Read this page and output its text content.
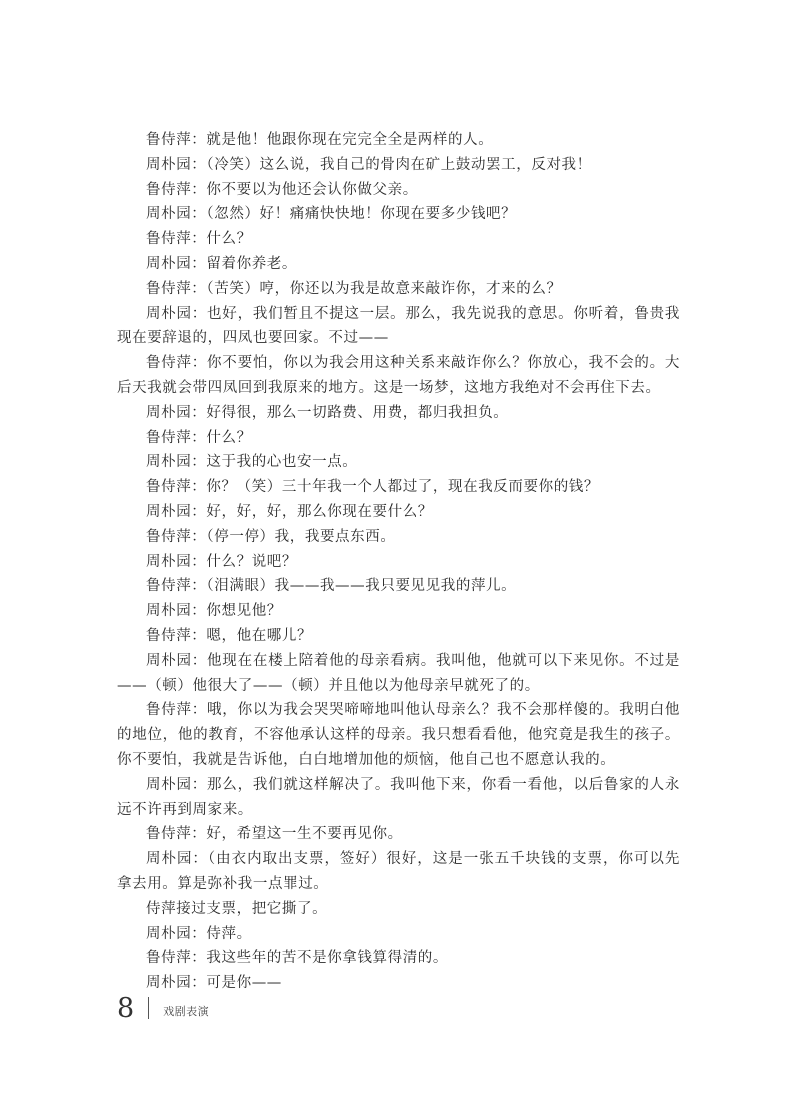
鲁侍萍：就是他！他跟你现在完完全全是两样的人。

周朴园：（冷笑）这么说，我自己的骨肉在矿上鼓动罢工，反对我！

鲁侍萍：你不要以为他还会认你做父亲。

周朴园：（忽然）好！痛痛快快地！你现在要多少钱吧？

鲁侍萍：什么？

周朴园：留着你养老。

鲁侍萍：（苦笑）哼，你还以为我是故意来敲诈你，才来的么？

周朴园：也好，我们暂且不提这一层。那么，我先说我的意思。你听着，鲁贵我现在要辞退的，四凤也要回家。不过——

鲁侍萍：你不要怕，你以为我会用这种关系来敲诈你么？你放心，我不会的。大后天我就会带四凤回到我原来的地方。这是一场梦，这地方我绝对不会再住下去。

周朴园：好得很，那么一切路费、用费，都归我担负。

鲁侍萍：什么？

周朴园：这于我的心也安一点。

鲁侍萍：你？（笑）三十年我一个人都过了，现在我反而要你的钱？

周朴园：好，好，好，那么你现在要什么？

鲁侍萍：（停一停）我，我要点东西。

周朴园：什么？说吧？

鲁侍萍：（泪满眼）我——我——我只要见见我的萍儿。

周朴园：你想见他？

鲁侍萍：嗯，他在哪儿？

周朴园：他现在在楼上陪着他的母亲看病。我叫他，他就可以下来见你。不过是——（顿）他很大了——（顿）并且他以为他母亲早就死了的。

鲁侍萍：哦，你以为我会哭哭啼啼地叫他认母亲么？我不会那样傻的。我明白他的地位，他的教育，不容他承认这样的母亲。我只想看看他，他究竟是我生的孩子。你不要怕，我就是告诉他，白白地增加他的烦恼，他自己也不愿意认我的。

周朴园：那么，我们就这样解决了。我叫他下来，你看一看他，以后鲁家的人永远不许再到周家来。

鲁侍萍：好，希望这一生不要再见你。

周朴园：（由衣内取出支票，签好）很好，这是一张五千块钱的支票，你可以先拿去用。算是弥补我一点罪过。

侍萍接过支票，把它撕了。

周朴园：侍萍。

鲁侍萍：我这些年的苦不是你拿钱算得清的。

周朴园：可是你——

8	戏剧表演
